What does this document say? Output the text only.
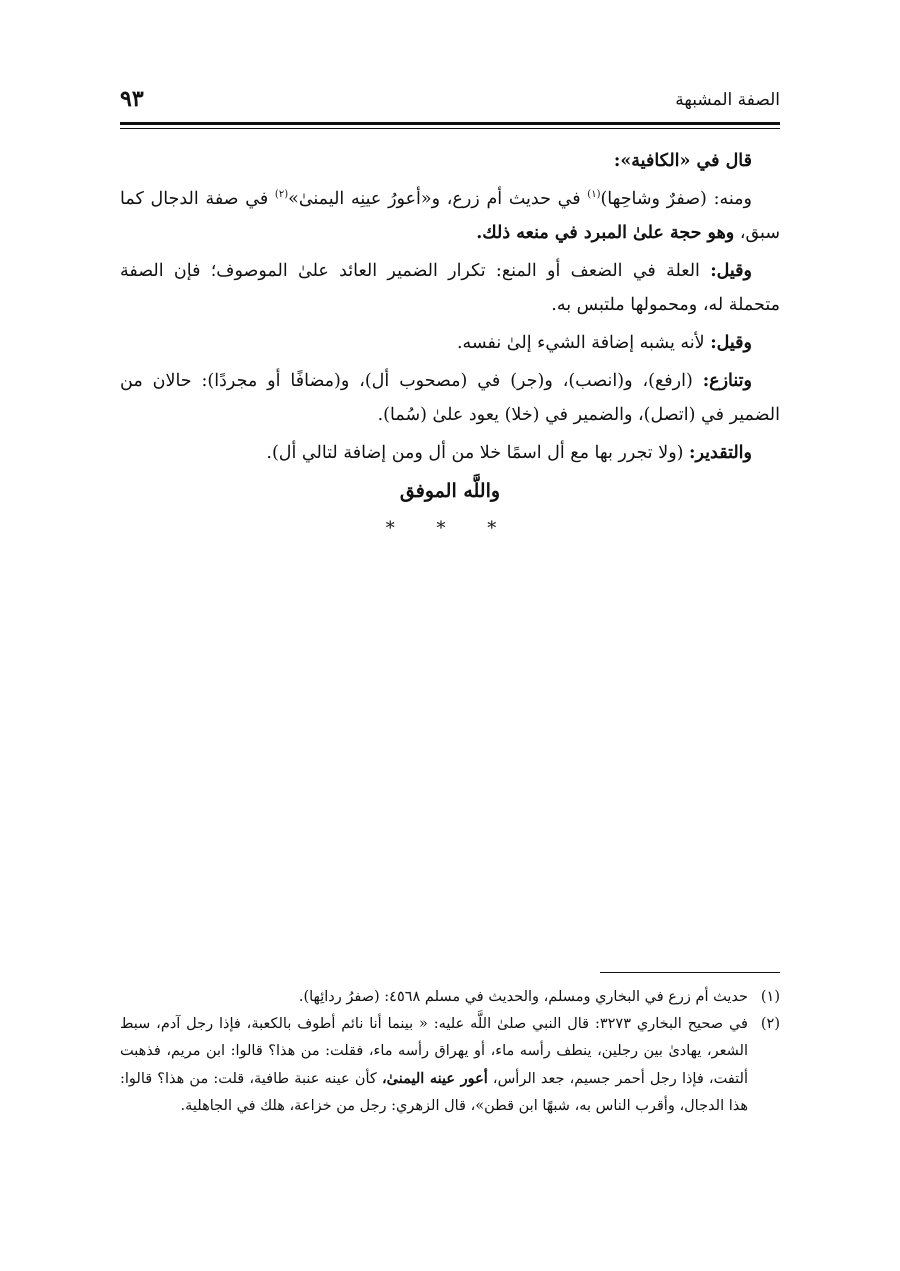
الصفة المشبهة
٩٣

قال في «الكافية»:

ومنه: (صفرٌ وشاحِها)$^{(١)}$ في حديث أم زرع، و«أعورُ عينِه اليمنىٰ»$^{(٢)}$ في صفة الدجال كما سبق، وهو حجة علىٰ المبرد في منعه ذلك.

وقيل: العلة في الضعف أو المنع: تكرار الضمير العائد علىٰ الموصوف؛ فإن الصفة متحملة له، ومحمولها ملتبس به.

وقيل: لأنه يشبه إضافة الشيء إلىٰ نفسه.

وتنازع: (ارفع)، و(انصب)، و(جر) في (مصحوب أل)، و(مضافًا أو مجردًا): حالان من الضمير في (اتصل)، والضمير في (خلا) يعود علىٰ (سُما).

والتقدير: (ولا تجرر بها مع أل اسمًا خلا من أل ومن إضافة لتالي أل).

واللَّه الموفق

* * *

(١)
حديث أم زرع في البخاري ومسلم، والحديث في مسلم ٤٥٦٨: (صفرُ ردائِها).
(٢)
في صحيح البخاري ٣٢٧٣: قال النبي صلىٰ اللَّه عليه: « بينما أنا نائم أطوف بالكعبة، فإذا رجل آدم، سبط الشعر، يهادىٰ بين رجلين، ينطف رأسه ماء، أو يهراق رأسه ماء، فقلت: من هذا؟ قالوا: ابن مريم، فذهبت ألتفت، فإذا رجل أحمر جسيم، جعد الرأس، أعور عينه اليمنىٰ، كأن عينه عنبة طافية، قلت: من هذا؟ قالوا: هذا الدجال، وأقرب الناس به، شبهًا ابن قطن»، قال الزهري: رجل من خزاعة، هلك في الجاهلية.
